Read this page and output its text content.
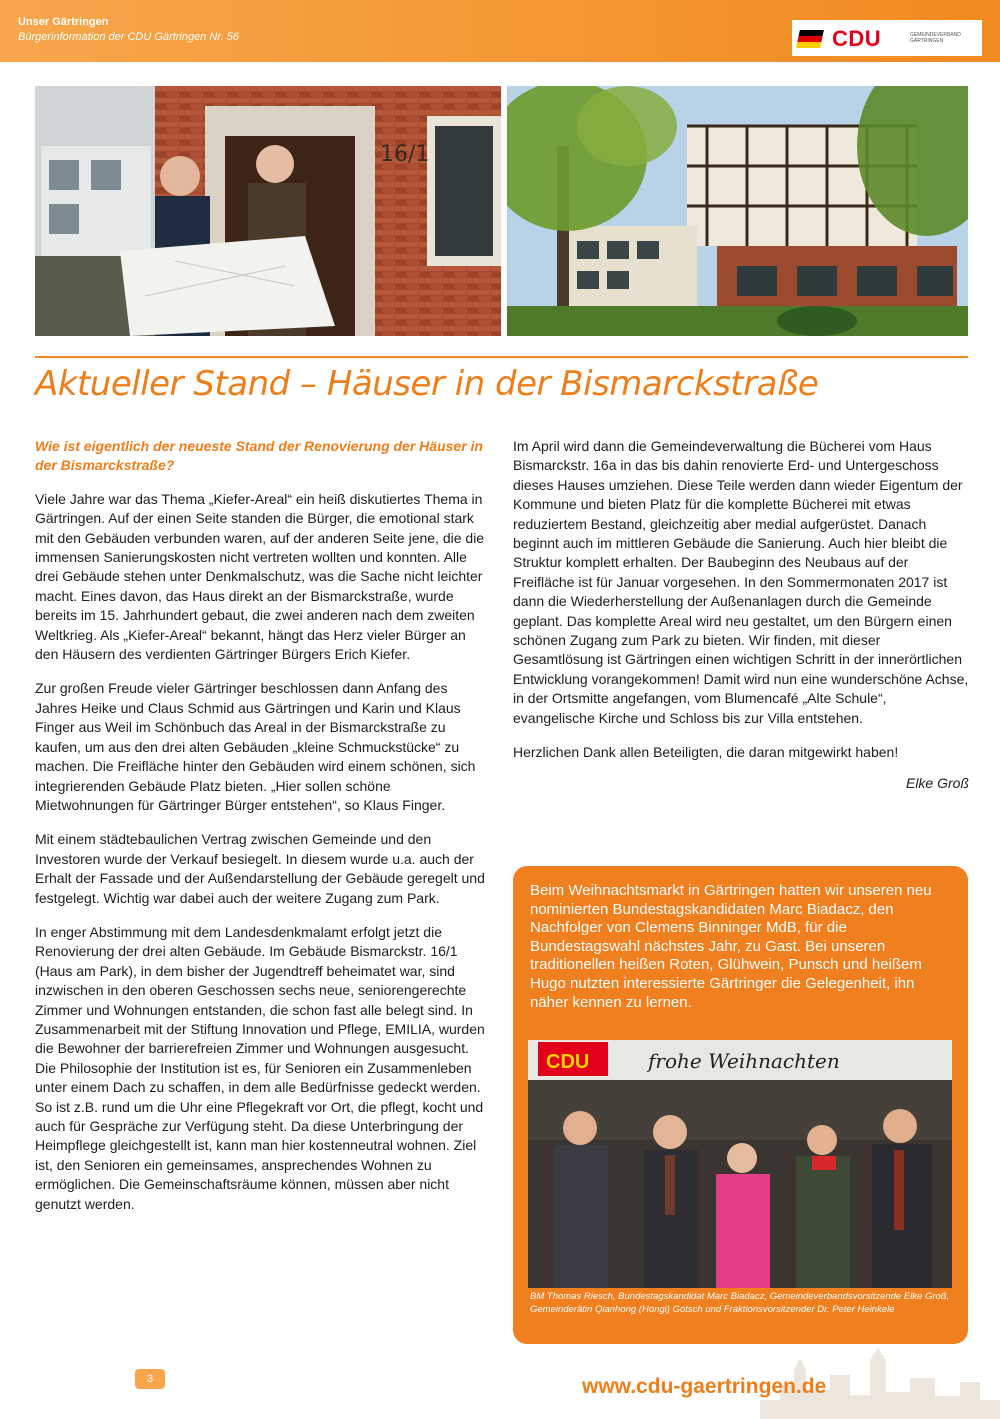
Unser Gärtringen
Bürgerinformation der CDU Gärtringen Nr. 56	CDU	GEMEINDEVERBAND GÄRTRINGEN
16/1
Aktueller Stand – Häuser in der Bismarckstraße

Wie ist eigentlich der neueste Stand der Renovierung der Häuser in der Bismarckstraße?

Viele Jahre war das Thema „Kiefer-Areal“ ein heiß diskutiertes Thema in Gärtringen. Auf der einen Seite standen die Bürger, die emotional stark mit den Gebäuden verbunden waren, auf der anderen Seite jene, die die immensen Sanierungskosten nicht vertreten wollten und konnten. Alle drei Gebäude stehen unter Denkmalschutz, was die Sache nicht leichter macht. Eines davon, das Haus direkt an der Bismarckstraße, wurde bereits im 15. Jahrhundert gebaut, die zwei anderen nach dem zweiten Weltkrieg. Als „Kiefer-Areal“ bekannt, hängt das Herz vieler Bürger an den Häusern des verdienten Gärtringer Bürgers Erich Kiefer.

Zur großen Freude vieler Gärtringer beschlossen dann Anfang des Jahres Heike und Claus Schmid aus Gärtringen und Karin und Klaus Finger aus Weil im Schönbuch das Areal in der Bismarckstraße zu kaufen, um aus den drei alten Gebäuden „kleine Schmuckstücke“ zu machen. Die Freifläche hinter den Gebäuden wird einem schönen, sich integrierenden Gebäude Platz bieten. „Hier sollen schöne Mietwohnungen für Gärtringer Bürger entstehen“, so Klaus Finger.

Mit einem städtebaulichen Vertrag zwischen Gemeinde und den Investoren wurde der Verkauf besiegelt. In diesem wurde u.a. auch der Erhalt der Fassade und der Außendarstellung der Gebäude geregelt und festgelegt. Wichtig war dabei auch der weitere Zugang zum Park.

In enger Abstimmung mit dem Landesdenkmalamt erfolgt jetzt die Renovierung der drei alten Gebäude. Im Gebäude Bismarckstr. 16/1 (Haus am Park), in dem bisher der Jugendtreff beheimatet war, sind inzwischen in den oberen Geschossen sechs neue, seniorengerechte Zimmer und Wohnungen entstanden, die schon fast alle belegt sind. In Zusammenarbeit mit der Stiftung Innovation und Pflege, EMILIA, wurden die Bewohner der barrierefreien Zimmer und Wohnungen ausgesucht. Die Philosophie der Institution ist es, für Senioren ein Zusammenleben unter einem Dach zu schaffen, in dem alle Bedürfnisse gedeckt werden. So ist z.B. rund um die Uhr eine Pflegekraft vor Ort, die pflegt, kocht und auch für Gespräche zur Verfügung steht. Da diese Unterbringung der Heimpflege gleichgestellt ist, kann man hier kostenneutral wohnen. Ziel ist, den Senioren ein gemeinsames, ansprechendes Wohnen zu ermöglichen. Die Gemeinschaftsräume können, müssen aber nicht genutzt werden.

Im April wird dann die Gemeindeverwaltung die Bücherei vom Haus Bismarckstr. 16a in das bis dahin renovierte Erd- und Untergeschoss dieses Hauses umziehen. Diese Teile werden dann wieder Eigentum der Kommune und bieten Platz für die komplette Bücherei mit etwas reduziertem Bestand, gleichzeitig aber medial aufgerüstet. Danach beginnt auch im mittleren Gebäude die Sanierung. Auch hier bleibt die Struktur komplett erhalten. Der Baubeginn des Neubaus auf der Freifläche ist für Januar vorgesehen. In den Sommermonaten 2017 ist dann die Wiederherstellung der Außenanlagen durch die Gemeinde geplant. Das komplette Areal wird neu gestaltet, um den Bürgern einen schönen Zugang zum Park zu bieten. Wir finden, mit dieser Gesamtlösung ist Gärtringen einen wichtigen Schritt in der innerörtlichen Entwicklung vorangekommen! Damit wird nun eine wunderschöne Achse, in der Ortsmitte angefangen, vom Blumencafé „Alte Schule“, evangelische Kirche und Schloss bis zur Villa entstehen.

Herzlichen Dank allen Beteiligten, die daran mitgewirkt haben!

Elke Groß

Beim Weihnachtsmarkt in Gärtringen hatten wir unseren neu nominierten Bundestagskandidaten Marc Biadacz, den Nachfolger von Clemens Binninger MdB, für die Bundestagswahl nächstes Jahr, zu Gast. Bei unseren traditionellen heißen Roten, Glühwein, Punsch und heißem Hugo nutzten interessierte Gärtringer die Gelegenheit, ihn näher kennen zu lernen.
BM Thomas Riesch, Bundestagskandidat Marc Biadacz, Gemeindeverbandsvorsitzende Elke Groß, Gemeinderätin Qianhong (Hongi) Gotsch und Fraktionsvorsitzender Dr. Peter Heinkele
CDU	frohe Weihnachten
3	www.cdu-gaertringen.de
